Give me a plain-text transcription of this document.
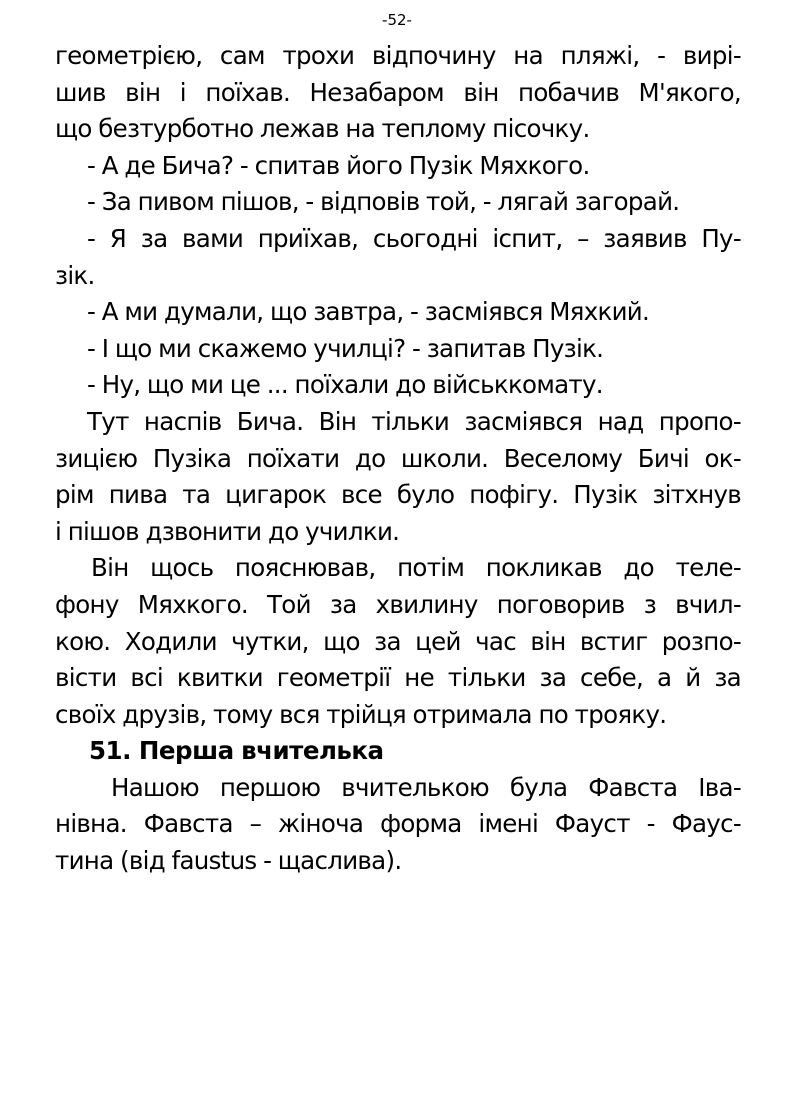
-52-

геометрією, сам трохи відпочину на пляжі, - вирі-
шив він і поїхав. Незабаром він побачив М'якого,
що безтурботно лежав на теплому пісочку.

- А де Бича? - спитав його Пузік Мяхкого.

- За пивом пішов, - відповів той, - лягай загорай.

- Я за вами приїхав, сьогодні іспит, – заявив Пу-
зік.

- А ми думали, що завтра, - засміявся Мяхкий.

- І що ми скажемо училці? - запитав Пузік.

- Ну, що ми це ... поїхали до військкомату.

Тут наспів Бича. Він тільки засміявся над пропо-
зицією Пузіка поїхати до школи. Веселому Бичі ок-
рім пива та цигарок все було пофігу. Пузік зітхнув
і пішов дзвонити до училки.

Він щось пояснював, потім покликав до теле-
фону Мяхкого. Той за хвилину поговорив з вчил-
кою. Ходили чутки, що за цей час він встиг розпо-
вісти всі квитки геометрії не тільки за себе, а й за
своїх друзів, тому вся трійця отримала по трояку.

51. Перша вчителька

Нашою першою вчителькою була Фавста Іва-
нівна. Фавста – жіноча форма імені Фауст - Фаус-
тина (від faustus - щаслива).
